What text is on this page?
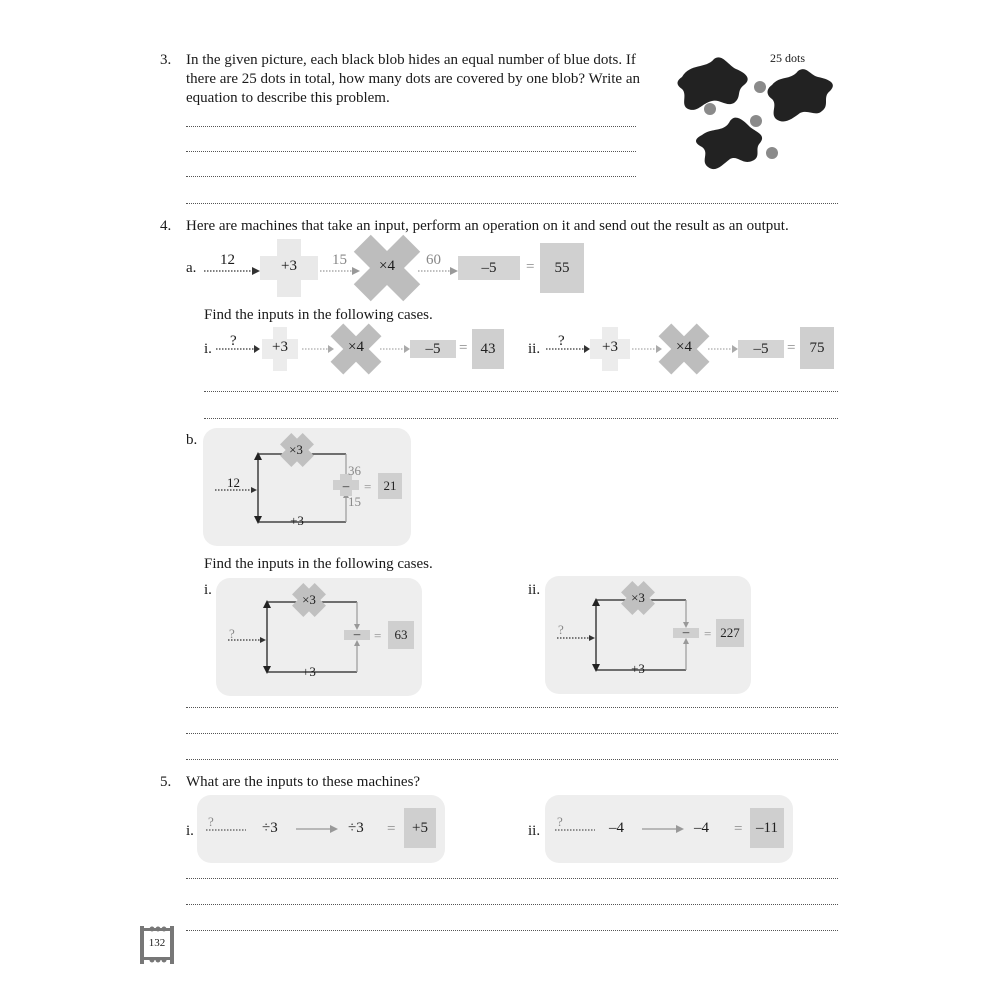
3. In the given picture, each black blob hides an equal number of blue dots. If
there are 25 dots in total, how many dots are covered by one blob? Write an
equation to describe this problem.
25 dots
4. Here are machines that take an input, perform an operation on it and send out the result as an output.
a. 12	+3	15	×4	60	–5	=	55
Find the inputs in the following cases.
i. ?	+3	×4	–5	= 43	ii. ?	+3	×4	–5	= 75
b.
12
×3
+3
36
15
–	= 21
Find the inputs in the following cases.
i.
?
×3
+3
–	=	63
ii.
?
×3
+3
–	= 227
5. What are the inputs to these machines?
i.
?	÷3	÷3 =	+5	ii.
?	–4	–4 = –11
132
